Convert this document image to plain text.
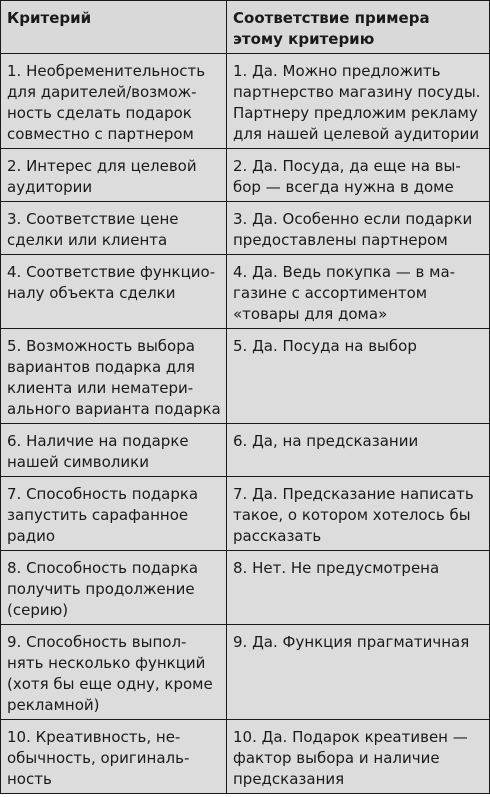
Критерий	Соответствие примера
этому критерию
1. Необременительность
для дарителей/возмож-
ность сделать подарок
совместно с партнером	1. Да. Можно предложить
партнерство магазину посуды.
Партнеру предложим рекламу
для нашей целевой аудитории
2. Интерес для целевой
аудитории	2. Да. Посуда, да еще на вы-
бор — всегда нужна в доме
3. Соответствие цене
сделки или клиента	3. Да. Особенно если подарки
предоставлены партнером
4. Соответствие функцио-
налу объекта сделки	4. Да. Ведь покупка — в ма-
газине с ассортиментом
«товары для дома»
5. Возможность выбора
вариантов подарка для
клиента или нематери-
ального варианта подарка	5. Да. Посуда на выбор
6. Наличие на подарке
нашей символики	6. Да, на предсказании
7. Способность подарка
запустить сарафанное
радио	7. Да. Предсказание написать
такое, о котором хотелось бы
рассказать
8. Способность подарка
получить продолжение
(серию)	8. Нет. Не предусмотрена
9. Способность выпол-
нять несколько функций
(хотя бы еще одну, кроме
рекламной)	9. Да. Функция прагматичная
10. Креативность, не-
обычность, оригиналь-
ность	10. Да. Подарок креативен —
фактор выбора и наличие
предсказания
